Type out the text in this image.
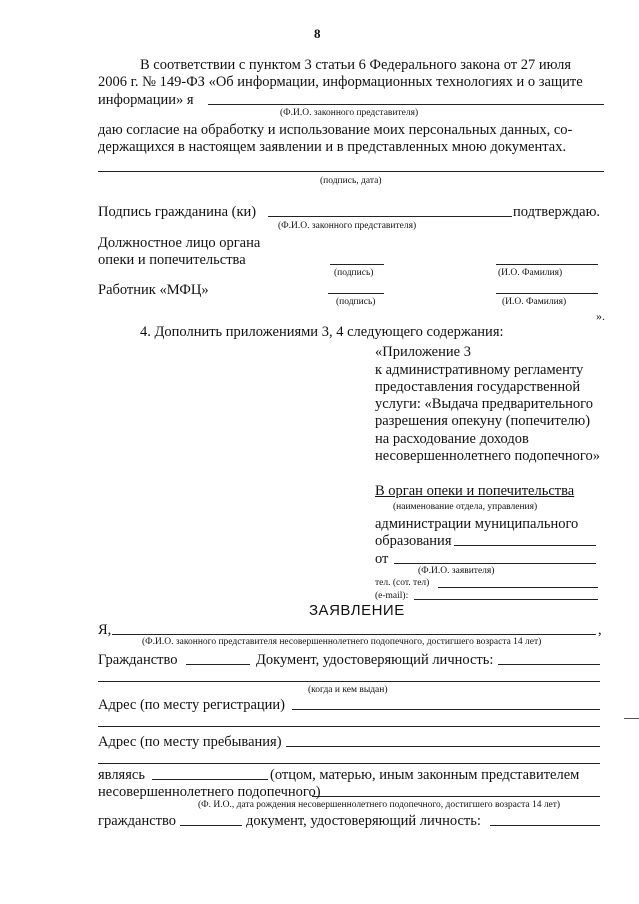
8
В соответствии с пунктом 3 статьи 6 Федерального закона от 27 июля
2006 г. № 149-ФЗ «Об информации, информационных технологиях и о защите
информации» я
(Ф.И.О. законного представителя)
даю согласие на обработку и использование моих персональных данных, со-
держащихся в настоящем заявлении и в представленных мною документах.
(подпись, дата)
Подпись гражданина (ки)	подтверждаю.
(Ф.И.О. законного представителя)
Должностное лицо органа
опеки и попечительства
(подпись)	(И.О. Фамилия)
Работник «МФЦ»
(подпись)	(И.О. Фамилия)
».
4. Дополнить приложениями 3, 4 следующего содержания:
«Приложение 3
к административному регламенту
предоставления государственной
услуги: «Выдача предварительного
разрешения опекуну (попечителю)
на расходование доходов
несовершеннолетнего подопечного»
В орган опеки и попечительства
(наименование отдела, управления)
администрации муниципального
образования
от
(Ф.И.О. заявителя)
тел. (сот. тел)
(e-mail):
ЗАЯВЛЕНИЕ
Я,	,
(Ф.И.О. законного представителя несовершеннолетнего подопечного, достигшего возраста 14 лет)
Гражданство	Документ, удостоверяющий личность:
(когда и кем выдан)
Адрес (по месту регистрации)
Адрес (по месту пребывания)
являясь	(отцом, матерью, иным законным представителем
несовершеннолетнего подопечного)
(Ф. И.О., дата рождения несовершеннолетнего подопечного, достигшего возраста 14 лет)
гражданство	документ, удостоверяющий личность:
